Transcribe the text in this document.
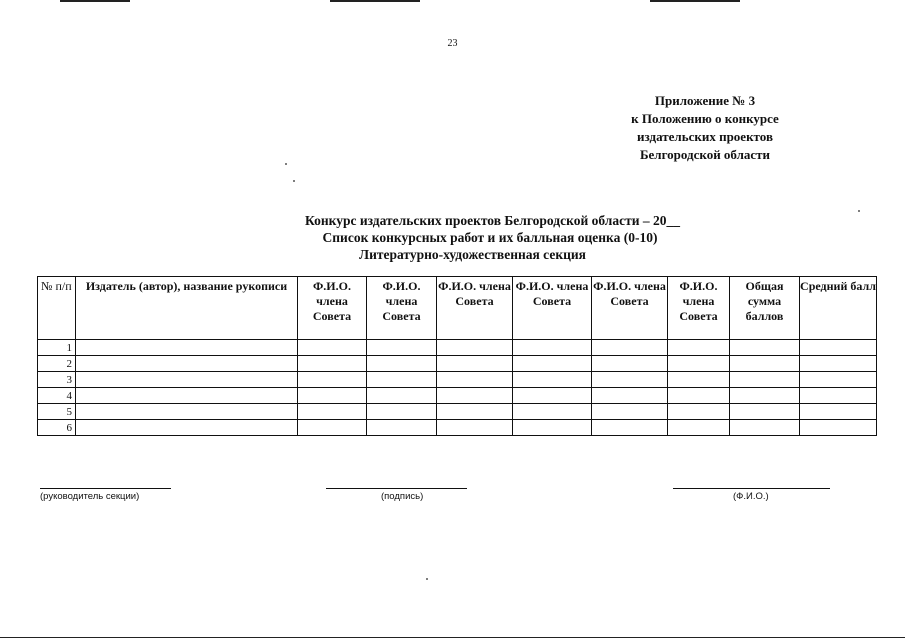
23
Приложение № 3
к Положению о конкурсе
издательских проектов
Белгородской области
Конкурс издательских проектов Белгородской области – 20__
Список конкурсных работ и их балльная оценка (0-10)
Литературно-художественная секция
№ п/п	Издатель (автор), название рукописи	Ф.И.О. члена Совета	Ф.И.О. члена Совета	Ф.И.О. члена Совета	Ф.И.О. члена Совета	Ф.И.О. члена Совета	Ф.И.О. члена Совета	Общая сумма баллов	Средний балл
1									
2									
3									
4									
5									
6									
(руководитель секции)	(подпись)	(Ф.И.О.)
